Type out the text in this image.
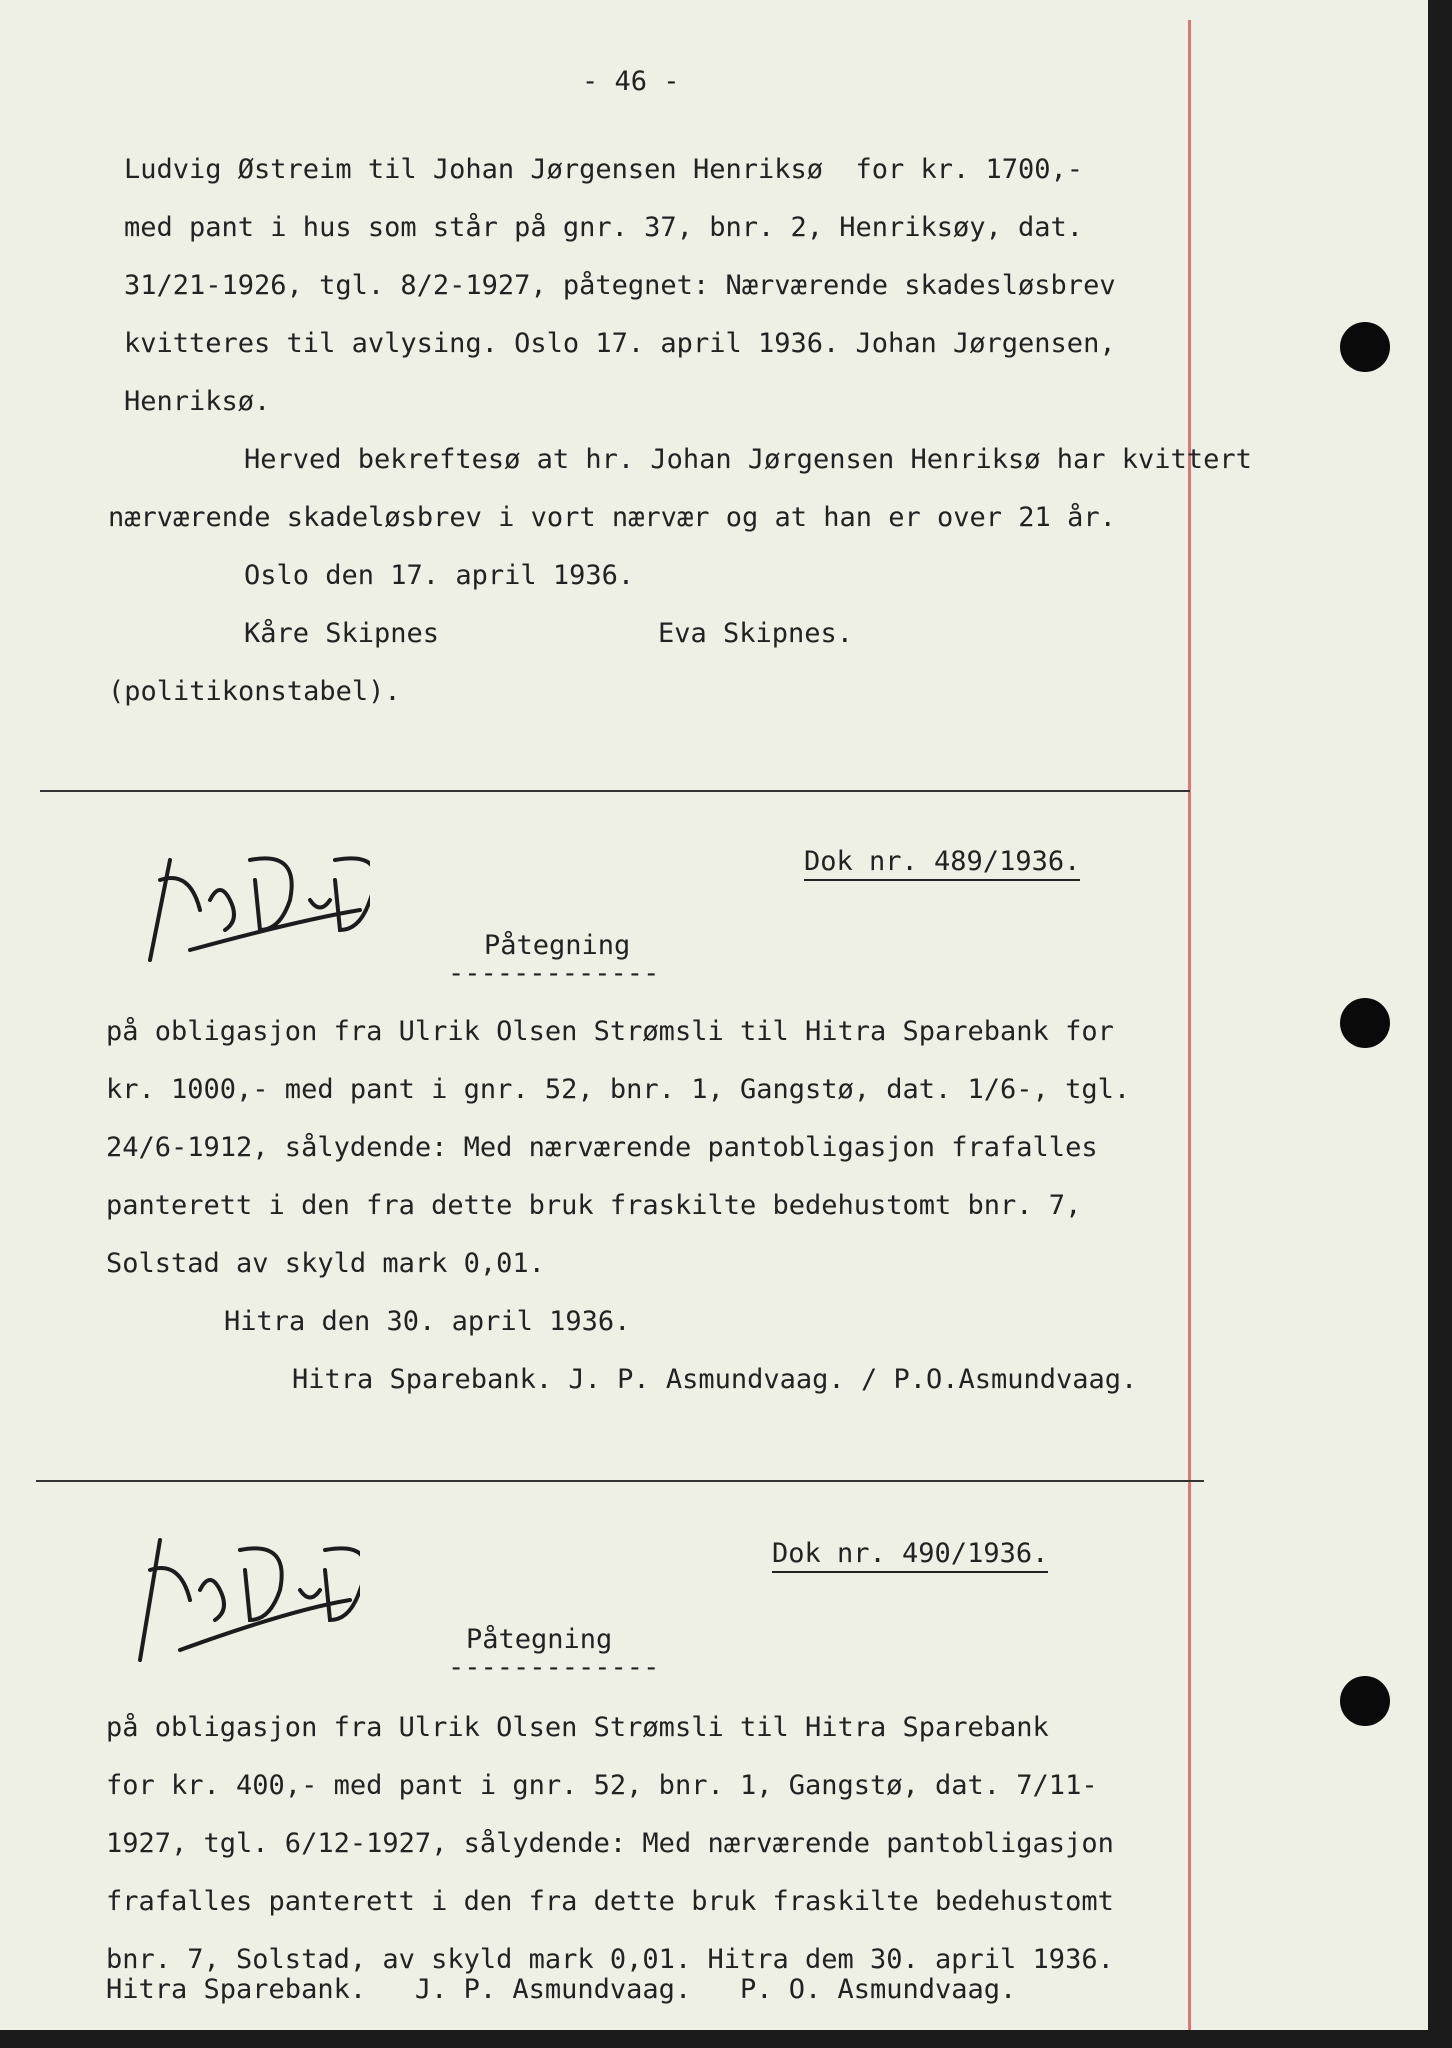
- 46 -
Ludvig Østreim til Johan Jørgensen Henriksø  for kr. 1700,-
med pant i hus som står på gnr. 37, bnr. 2, Henriksøy, dat.
31/21-1926, tgl. 8/2-1927, påtegnet: Nærværende skadesløsbrev
kvitteres til avlysing. Oslo 17. april 1936. Johan Jørgensen,
Henriksø.
Herved bekreftesø at hr. Johan Jørgensen Henriksø har kvittert
nærværende skadeløsbrev i vort nærvær og at han er over 21 år.
Oslo den 17. april 1936.
Kåre Skipnes	Eva Skipnes.
(politikonstabel).
Dok nr. 489/1936.
Påtegning
-------------
på obligasjon fra Ulrik Olsen Strømsli til Hitra Sparebank for
kr. 1000,- med pant i gnr. 52, bnr. 1, Gangstø, dat. 1/6-, tgl.
24/6-1912, sålydende: Med nærværende pantobligasjon frafalles
panterett i den fra dette bruk fraskilte bedehustomt bnr. 7,
Solstad av skyld mark 0,01.
Hitra den 30. april 1936.
Hitra Sparebank. J. P. Asmundvaag. / P.O.Asmundvaag.
Dok nr. 490/1936.
Påtegning
-------------
på obligasjon fra Ulrik Olsen Strømsli til Hitra Sparebank
for kr. 400,- med pant i gnr. 52, bnr. 1, Gangstø, dat. 7/11-
1927, tgl. 6/12-1927, sålydende: Med nærværende pantobligasjon
frafalles panterett i den fra dette bruk fraskilte bedehustomt
bnr. 7, Solstad, av skyld mark 0,01. Hitra dem 30. april 1936.
Hitra Sparebank.   J. P. Asmundvaag.   P. O. Asmundvaag.
